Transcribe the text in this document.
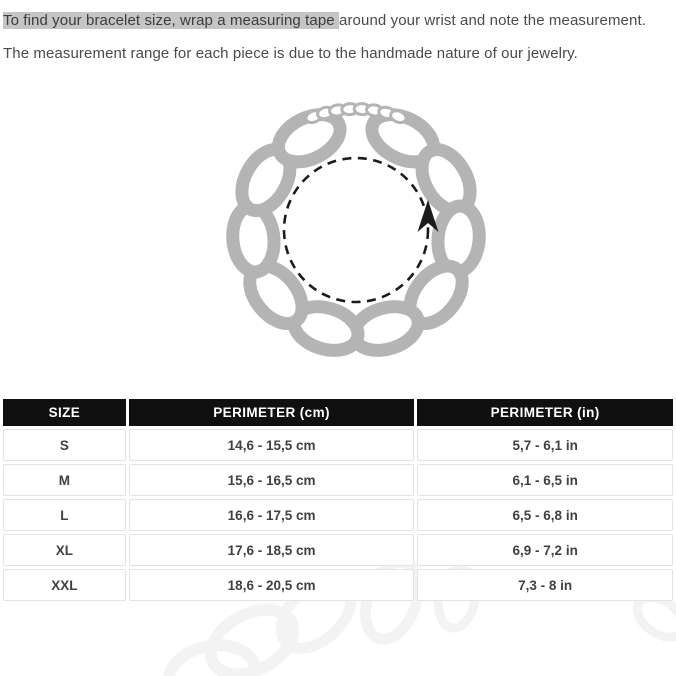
To find your bracelet size, wrap a measuring tape around your wrist and note the measurement.

The measurement range for each piece is due to the handmade nature of our jewelry.

SIZE	PERIMETER (cm)	PERIMETER (in)
S	14,6 - 15,5 cm	5,7 - 6,1 in
M	15,6 - 16,5 cm	6,1 - 6,5 in
L	16,6 - 17,5 cm	6,5 - 6,8 in
XL	17,6 - 18,5 cm	6,9 - 7,2 in
XXL	18,6 - 20,5 cm	7,3 - 8 in
